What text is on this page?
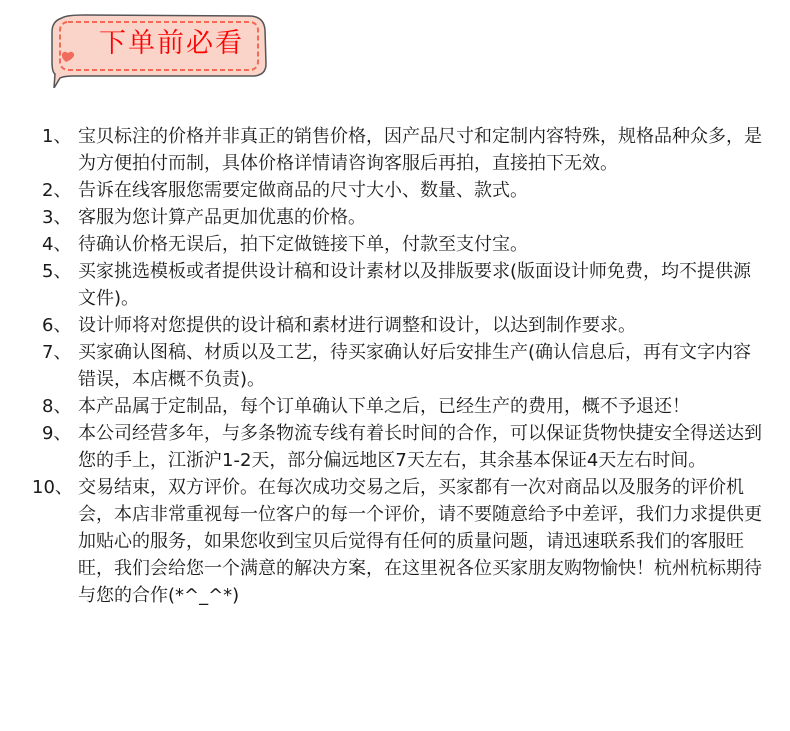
下单前必看
1、 宝贝标注的价格并非真正的销售价格，因产品尺寸和定制内容特殊，规格品种众多，是为方便拍付而制，具体价格详情请咨询客服后再拍，直接拍下无效。
2、 告诉在线客服您需要定做商品的尺寸大小、数量、款式。
3、 客服为您计算产品更加优惠的价格。
4、 待确认价格无误后，拍下定做链接下单，付款至支付宝。
5、 买家挑选模板或者提供设计稿和设计素材以及排版要求(版面设计师免费，均不提供源文件)。
6、 设计师将对您提供的设计稿和素材进行调整和设计，以达到制作要求。
7、 买家确认图稿、材质以及工艺，待买家确认好后安排生产(确认信息后，再有文字内容错误，本店概不负责)。
8、 本产品属于定制品，每个订单确认下单之后，已经生产的费用，概不予退还！
9、 本公司经营多年，与多条物流专线有着长时间的合作，可以保证货物快捷安全得送达到您的手上，江浙沪1-2天，部分偏远地区7天左右，其余基本保证4天左右时间。
10、 交易结束，双方评价。在每次成功交易之后，买家都有一次对商品以及服务的评价机会，本店非常重视每一位客户的每一个评价，请不要随意给予中差评，我们力求提供更加贴心的服务，如果您收到宝贝后觉得有任何的质量问题，请迅速联系我们的客服旺旺，我们会给您一个满意的解决方案，在这里祝各位买家朋友购物愉快！杭州杭标期待与您的合作(*^_^*)
